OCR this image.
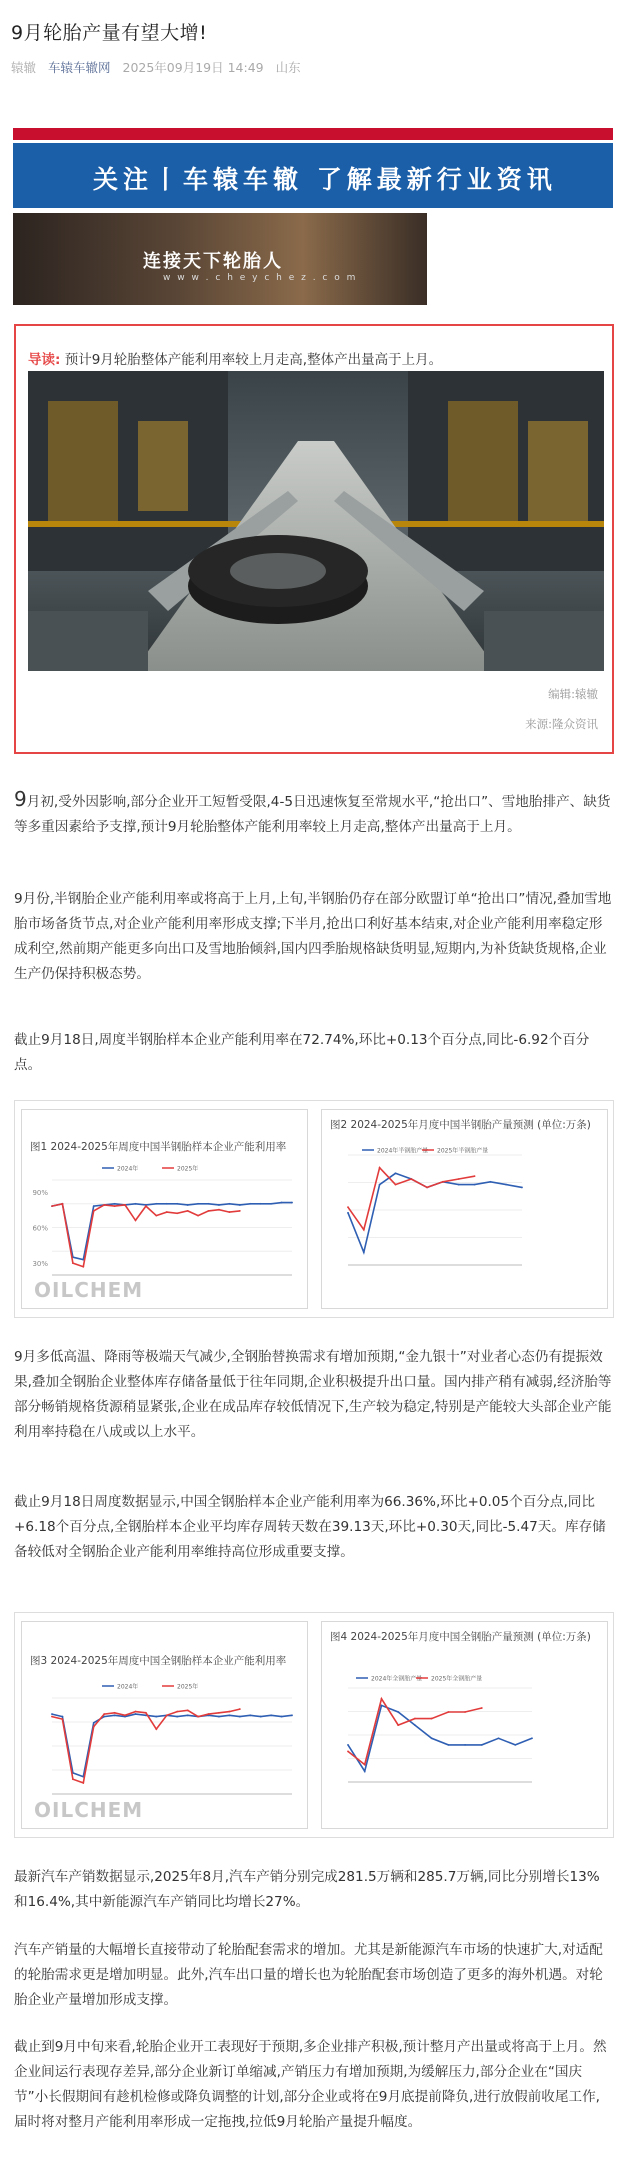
9月轮胎产量有望大增!
辕辙 车辕车辙网 2025年09月19日 14:49 山东
关注丨车辕车辙 了解最新行业资讯
连接天下轮胎人
w w w . c h e y c h e z . c o m
导读: 预计9月轮胎整体产能利用率较上月走高,整体产出量高于上月。
编辑:辕辙
来源:隆众资讯
9月初,受外因影响,部分企业开工短暂受限,4-5日迅速恢复至常规水平,“抢出口”、雪地胎排产、缺货等多重因素给予支撑,预计9月轮胎整体产能利用率较上月走高,整体产出量高于上月。
9月份,半钢胎企业产能利用率或将高于上月,上旬,半钢胎仍存在部分欧盟订单“抢出口”情况,叠加雪地胎市场备货节点,对企业产能利用率形成支撑;下半月,抢出口利好基本结束,对企业产能利用率稳定形成利空,然前期产能更多向出口及雪地胎倾斜,国内四季胎规格缺货明显,短期内,为补货缺货规格,企业生产仍保持积极态势。
截止9月18日,周度半钢胎样本企业产能利用率在72.74%,环比+0.13个百分点,同比-6.92个百分点。
90%
60%
30%
2024年	2025年
图1 2024-2025年周度中国半钢胎样本企业产能利用率
OILCHEM
2024年半钢胎产量 2025年半钢胎产量
图2 2024-2025年月度中国半钢胎产量预测 (单位:万条)
9月多低高温、降雨等极端天气减少,全钢胎替换需求有增加预期,“金九银十”对业者心态仍有提振效果,叠加全钢胎企业整体库存储备量低于往年同期,企业积极提升出口量。国内排产稍有减弱,经济胎等部分畅销规格货源稍显紧张,企业在成品库存较低情况下,生产较为稳定,特别是产能较大头部企业产能利用率持稳在八成或以上水平。
截止9月18日周度数据显示,中国全钢胎样本企业产能利用率为66.36%,环比+0.05个百分点,同比+6.18个百分点,全钢胎样本企业平均库存周转天数在39.13天,环比+0.30天,同比-5.47天。库存储备较低对全钢胎企业产能利用率维持高位形成重要支撑。
2024年	2025年
图3 2024-2025年周度中国全钢胎样本企业产能利用率
OILCHEM
2024年全钢胎产量 2025年全钢胎产量
图4 2024-2025年月度中国全钢胎产量预测 (单位:万条)
最新汽车产销数据显示,2025年8月,汽车产销分别完成281.5万辆和285.7万辆,同比分别增长13%和16.4%,其中新能源汽车产销同比均增长27%。
汽车产销量的大幅增长直接带动了轮胎配套需求的增加。尤其是新能源汽车市场的快速扩大,对适配的轮胎需求更是增加明显。此外,汽车出口量的增长也为轮胎配套市场创造了更多的海外机遇。对轮胎企业产量增加形成支撑。
截止到9月中旬来看,轮胎企业开工表现好于预期,多企业排产积极,预计整月产出量或将高于上月。然企业间运行表现存差异,部分企业新订单缩减,产销压力有增加预期,为缓解压力,部分企业在“国庆节”小长假期间有趁机检修或降负调整的计划,部分企业或将在9月底提前降负,进行放假前收尾工作,届时将对整月产能利用率形成一定拖拽,拉低9月轮胎产量提升幅度。
